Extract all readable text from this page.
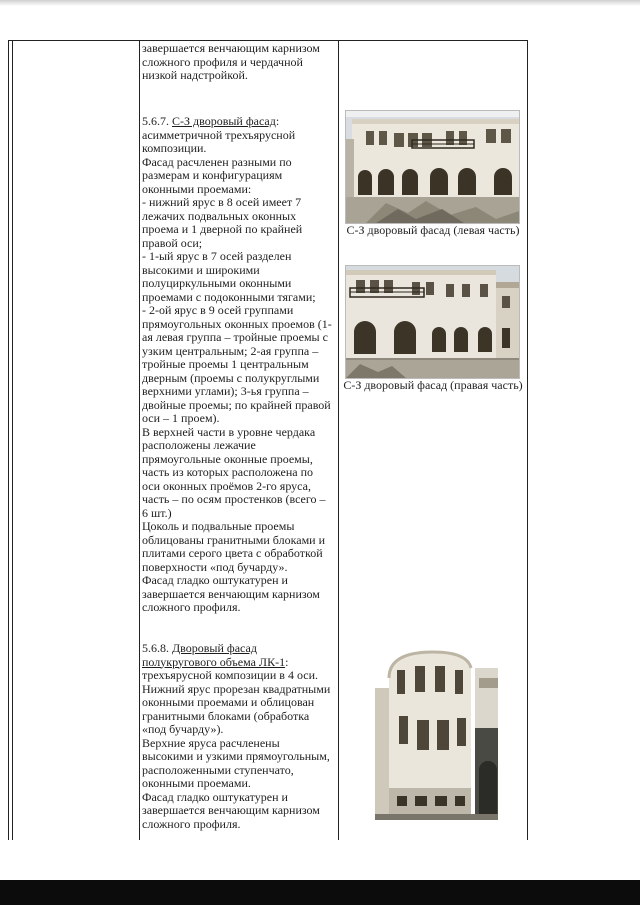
завершается венчающим карнизом сложного профиля и чердачной низкой надстройкой.

5.6.7. С-З дворовый фасад:

асимметричной трехъярусной композиции.

Фасад расчленен разными по размерам и конфигурациям оконными проемами:

- нижний ярус в 8 осей имеет 7 лежачих подвальных оконных проема и 1 дверной по крайней правой оси;

- 1-ый ярус в 7 осей разделен высокими и широкими полуциркульными оконными проемами с подоконными тягами;

- 2-ой ярус в 9 осей группами прямоугольных оконных проемов (1-ая левая группа – тройные проемы с узким центральным; 2-ая группа – тройные проемы 1 центральным дверным (проемы с полукруглыми верхними углами); 3-ья группа – двойные проемы; по крайней правой оси – 1 проем).

В верхней части в уровне чердака расположены лежачие прямоугольные оконные проемы, часть из которых расположена по оси оконных проёмов 2-го яруса, часть – по осям простенков (всего – 6 шт.)

Цоколь и подвальные проемы облицованы гранитными блоками и плитами серого цвета с обработкой поверхности «под бучарду».

Фасад гладко оштукатурен и завершается венчающим карнизом сложного профиля.

5.6.8. Дворовый фасад полукругового объема ЛК-1:

трехъярусной композиции в 4 оси.

Нижний ярус прорезан квадратными оконными проемами и облицован гранитными блоками (обработка «под бучарду»).

Верхние яруса расчленены высокими и узкими прямоугольным, расположенными ступенчато, оконными проемами.

Фасад гладко оштукатурен и завершается венчающим карнизом сложного профиля.

С-З дворовый фасад (левая часть)
С-З дворовый фасад (правая часть)
